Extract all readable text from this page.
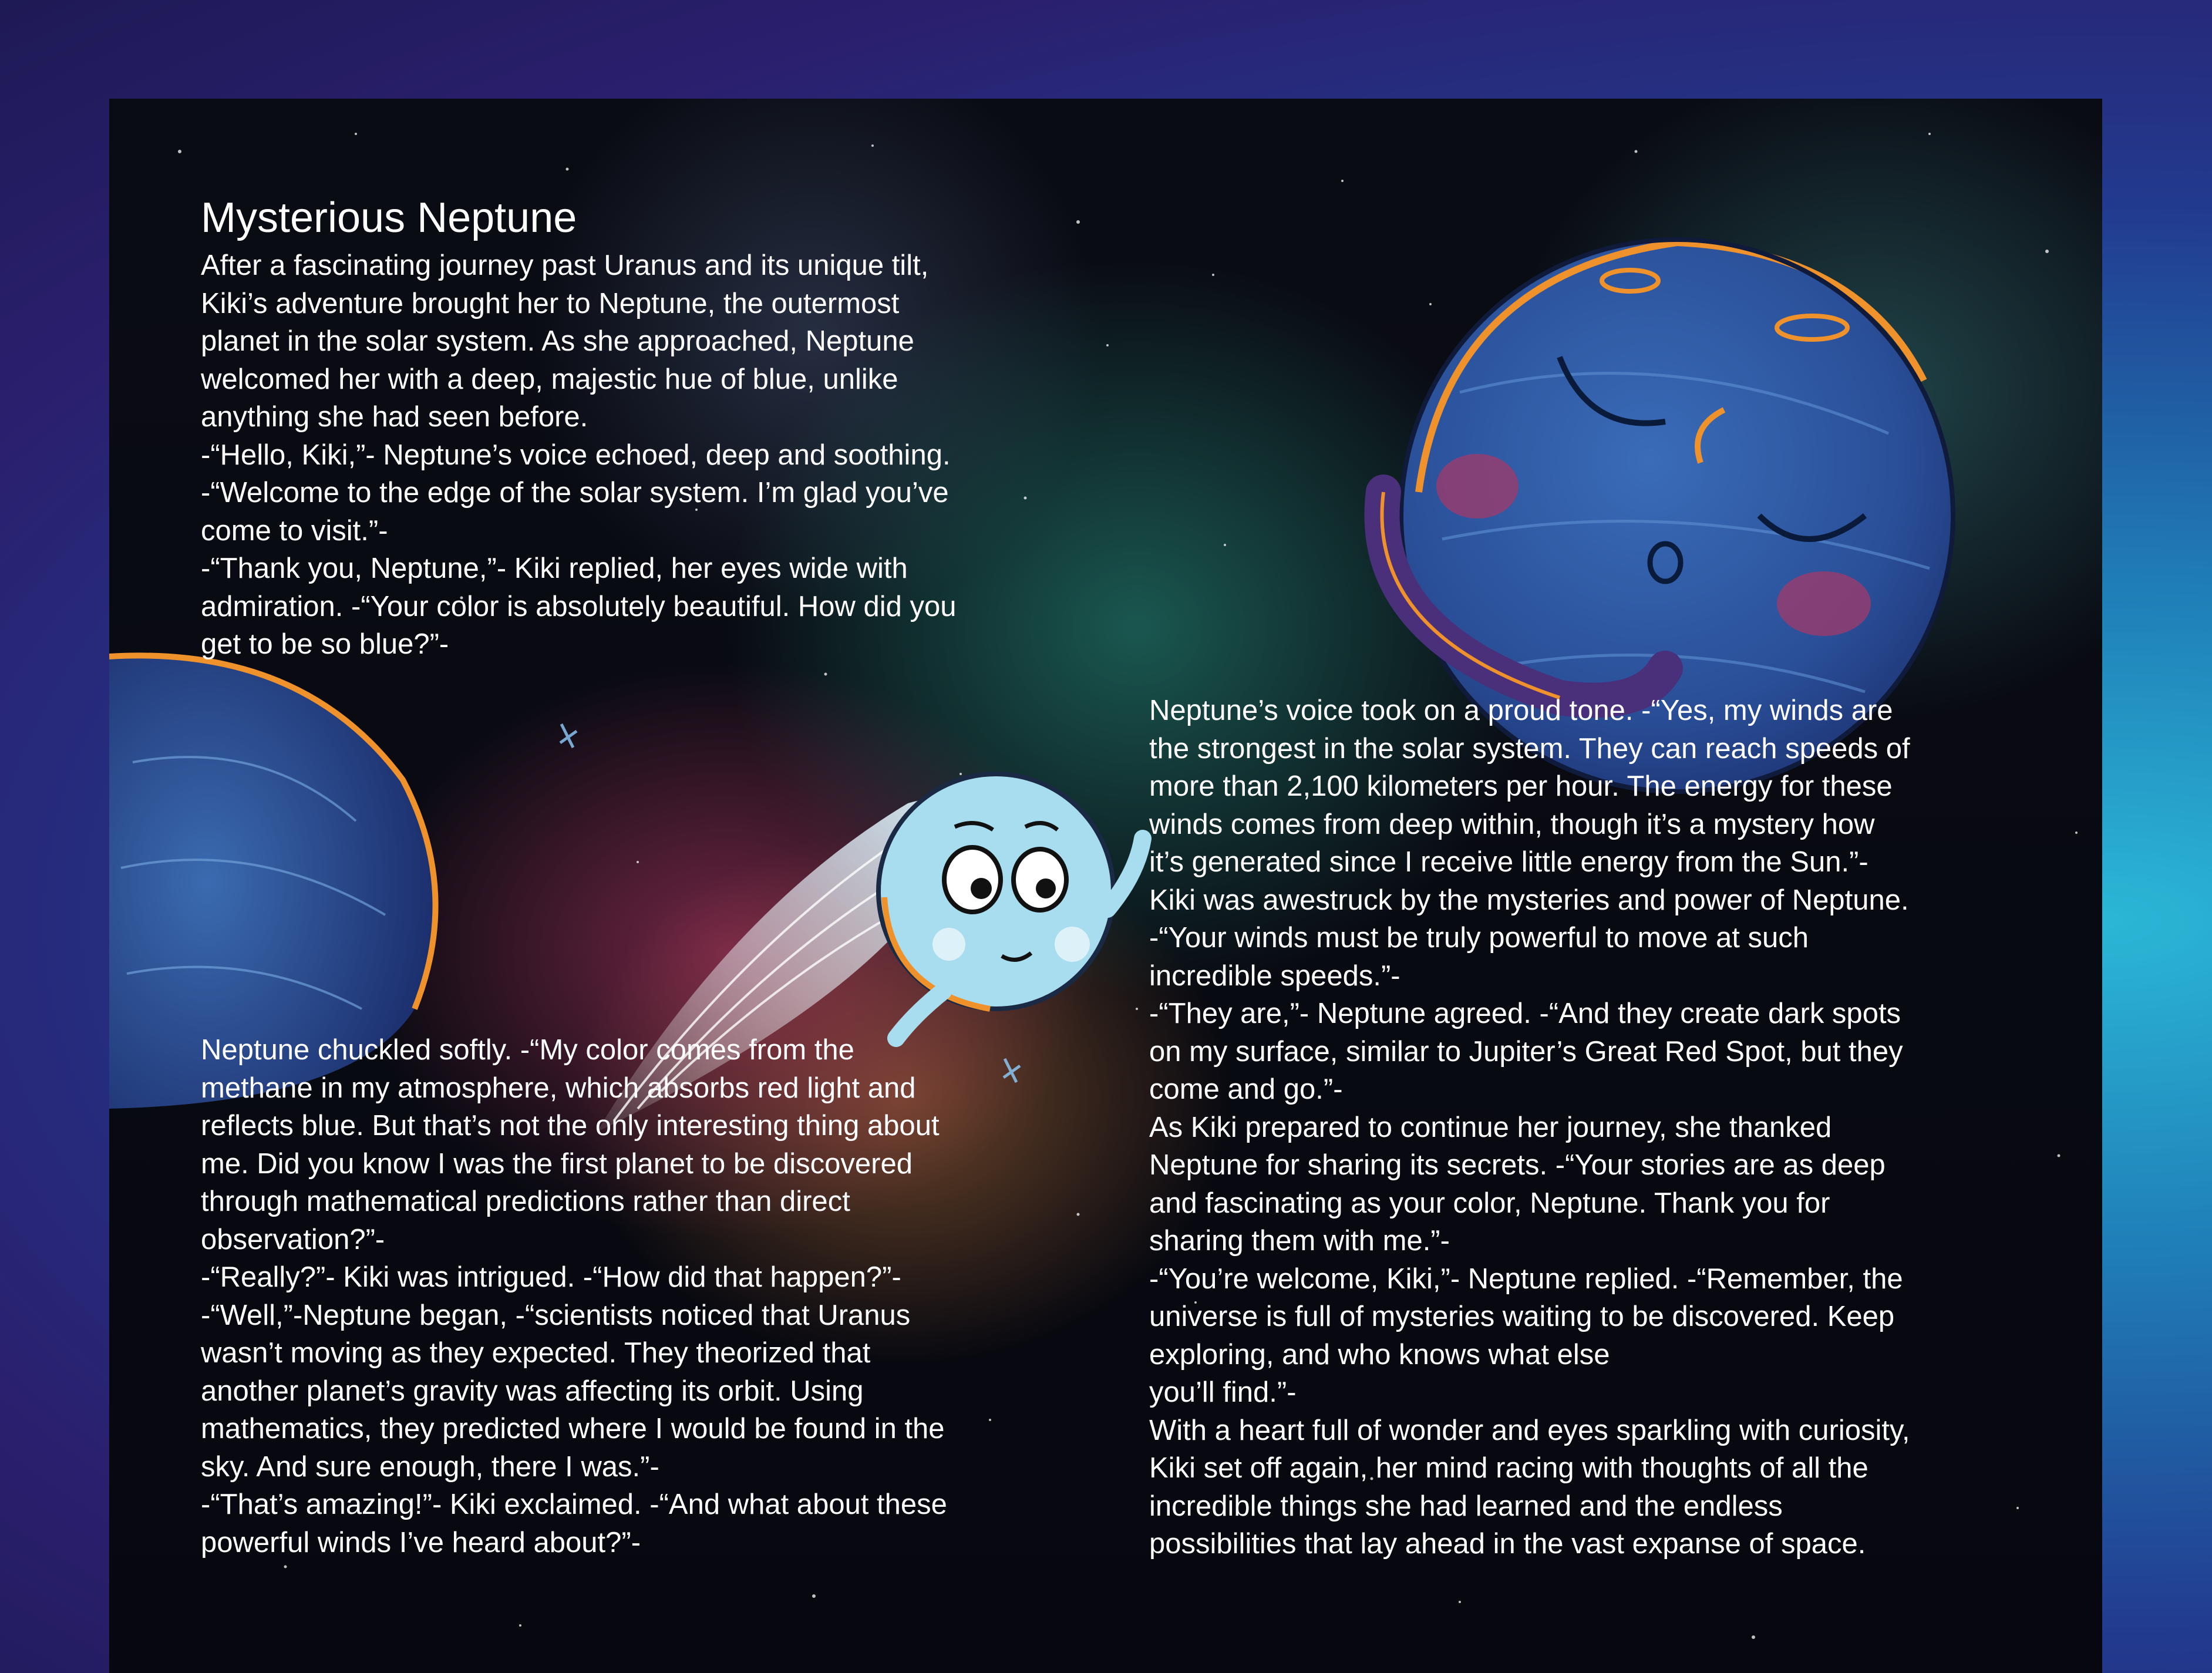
Mysterious Neptune

After a fascinating journey past Uranus and its unique tilt,

Kiki’s adventure brought her to Neptune, the outermost

planet in the solar system. As she approached, Neptune

welcomed her with a deep, majestic hue of blue, unlike

anything she had seen before.

-“Hello, Kiki,”- Neptune’s voice echoed, deep and soothing.

-“Welcome to the edge of the solar system. I’m glad you’ve

come to visit.”-

-“Thank you, Neptune,”- Kiki replied, her eyes wide with

admiration. -“Your color is absolutely beautiful. How did you

get to be so blue?”-

Neptune chuckled softly. -“My color comes from the

methane in my atmosphere, which absorbs red light and

reflects blue. But that’s not the only interesting thing about

me. Did you know I was the first planet to be discovered

through mathematical predictions rather than direct

observation?”-

-“Really?”- Kiki was intrigued. -“How did that happen?”-

-“Well,”-Neptune began, -“scientists noticed that Uranus

wasn’t moving as they expected. They theorized that

another planet’s gravity was affecting its orbit. Using

mathematics, they predicted where I would be found in the

sky. And sure enough, there I was.”-

-“That’s amazing!”- Kiki exclaimed. -“And what about these

powerful winds I’ve heard about?”-

Neptune’s voice took on a proud tone. -“Yes, my winds are

the strongest in the solar system. They can reach speeds of

more than 2,100 kilometers per hour. The energy for these

winds comes from deep within, though it’s a mystery how

it’s generated since I receive little energy from the Sun.”-

Kiki was awestruck by the mysteries and power of Neptune.

-“Your winds must be truly powerful to move at such

incredible speeds.”-

-“They are,”- Neptune agreed. -“And they create dark spots

on my surface, similar to Jupiter’s Great Red Spot, but they

come and go.”-

As Kiki prepared to continue her journey, she thanked

Neptune for sharing its secrets. -“Your stories are as deep

and fascinating as your color, Neptune. Thank you for

sharing them with me.”-

-“You’re welcome, Kiki,”- Neptune replied. -“Remember, the

universe is full of mysteries waiting to be discovered. Keep

exploring, and who knows what else

you’ll find.”-

With a heart full of wonder and eyes sparkling with curiosity,

Kiki set off again, her mind racing with thoughts of all the

incredible things she had learned and the endless

possibilities that lay ahead in the vast expanse of space.
